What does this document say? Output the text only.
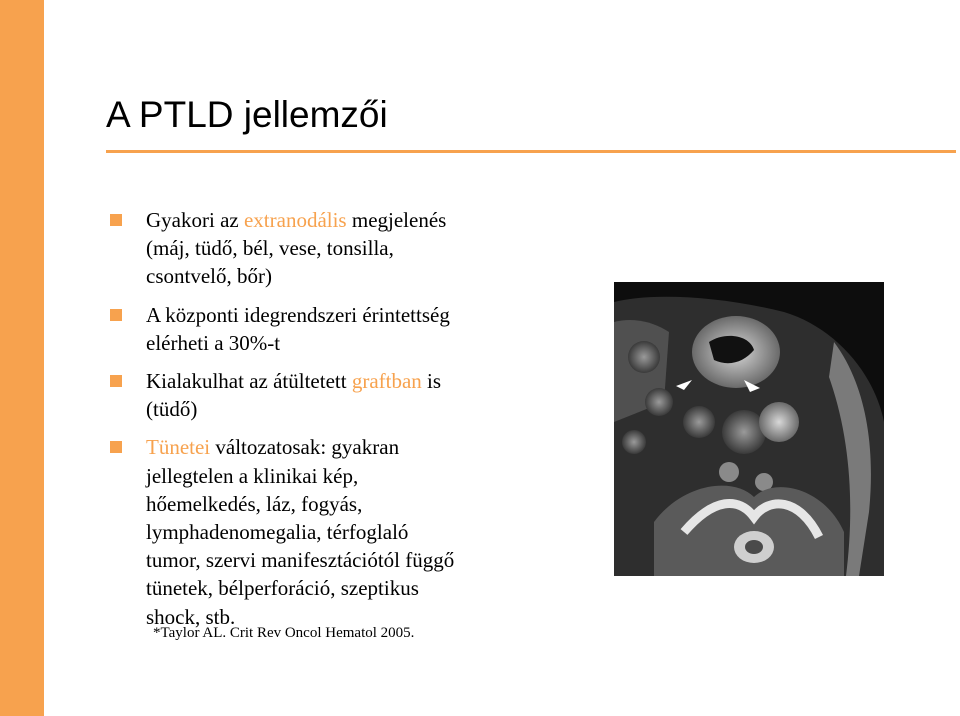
A PTLD jellemzői
Gyakori az extranodális megjelenés
(máj, tüdő, bél, vese, tonsilla,
csontvelő, bőr)
A központi idegrendszeri érintettség
elérheti a 30%-t
Kialakulhat az átültetett graftban is
(tüdő)
Tünetei változatosak: gyakran
jellegtelen a klinikai kép,
hőemelkedés, láz, fogyás,
lymphadenomegalia, térfoglaló
tumor, szervi manifesztációtól függő
tünetek, bélperforáció, szeptikus
shock, stb.
*Taylor AL. Crit Rev Oncol Hematol 2005.
